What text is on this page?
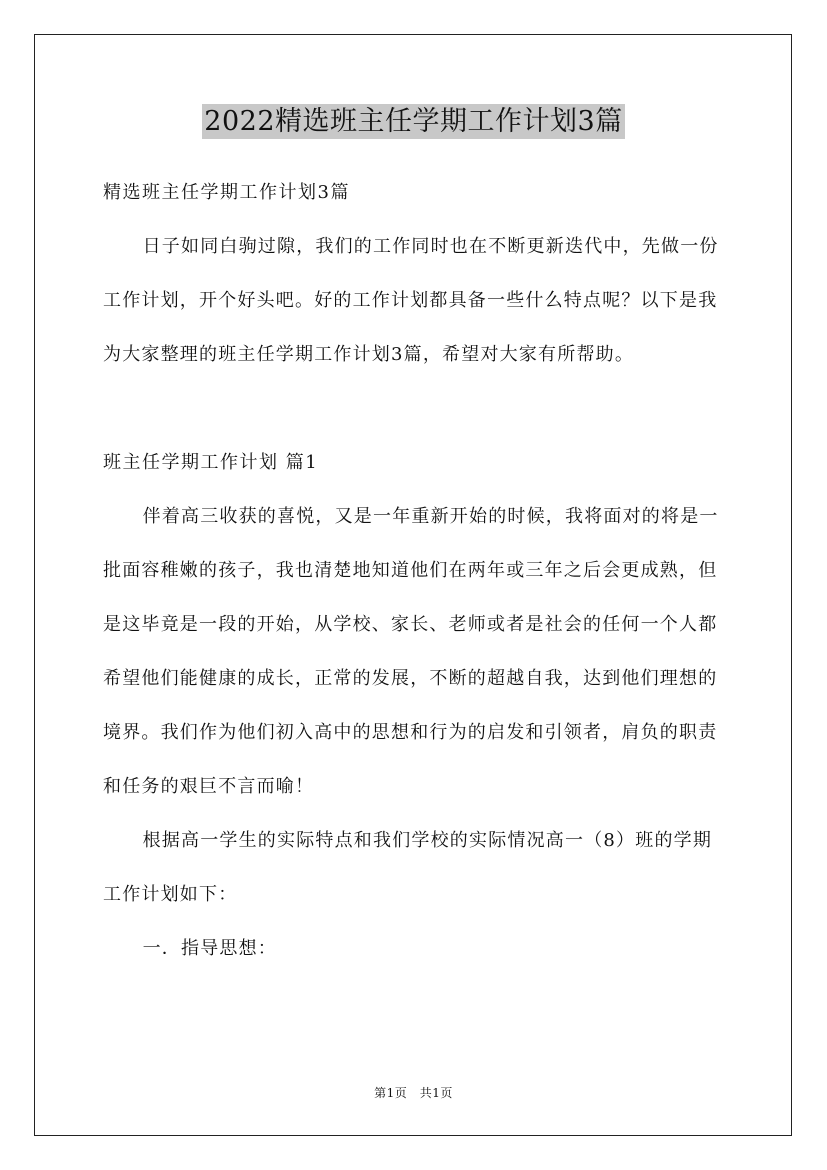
2022精选班主任学期工作计划3篇

精选班主任学期工作计划3篇

日子如同白驹过隙，我们的工作同时也在不断更新迭代中，先做一份工作计划，开个好头吧。好的工作计划都具备一些什么特点呢？以下是我为大家整理的班主任学期工作计划3篇，希望对大家有所帮助。

班主任学期工作计划 篇1

伴着高三收获的喜悦，又是一年重新开始的时候，我将面对的将是一批面容稚嫩的孩子，我也清楚地知道他们在两年或三年之后会更成熟，但是这毕竟是一段的开始，从学校、家长、老师或者是社会的任何一个人都希望他们能健康的成长，正常的发展，不断的超越自我，达到他们理想的境界。我们作为他们初入高中的思想和行为的启发和引领者，肩负的职责和任务的艰巨不言而喻！

根据高一学生的实际特点和我们学校的实际情况高一（8）班的学期工作计划如下：

一．指导思想：

第1页　共1页
